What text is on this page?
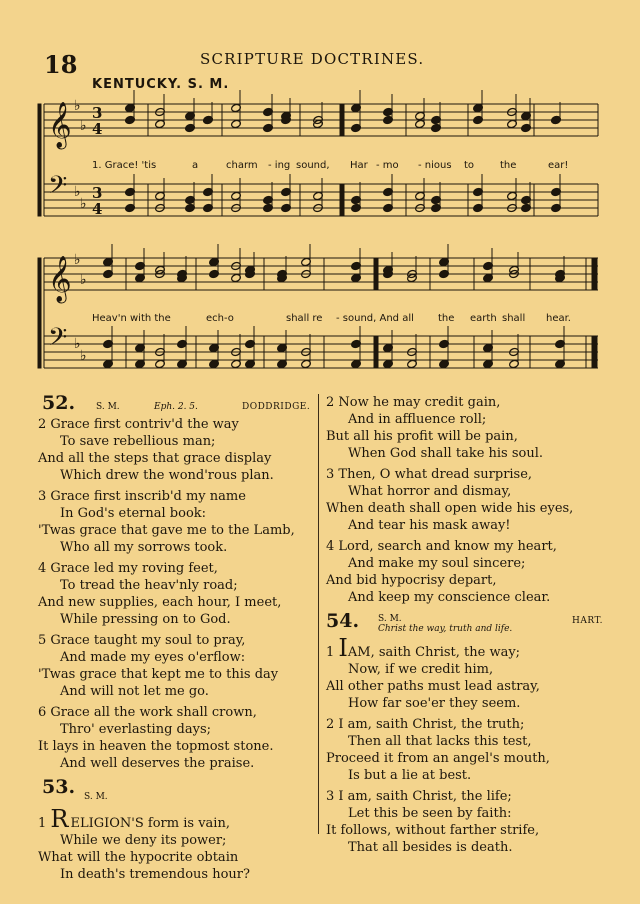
18	SCRIPTURE DOCTRINES.
KENTUCKY. S. M.
𝄞
𝄢
𝄞
𝄢
♭
♭
♭
♭
♭
♭
♭
♭
3
4
3
4
1. Grace! 'tis	a	charm - ing sound, Har - mo - nious to	the	ear!
Heav'n with the	ech-o	shall re - sound, And all the earth shall hear.
52. S. M.	Eph. 2. 5.	DODDRIDGE.
2 Grace first contriv'd the way
To save rebellious man;
And all the steps that grace display
Which drew the wond'rous plan.
3 Grace first inscrib'd my name
In God's eternal book:
'Twas grace that gave me to the Lamb,
Who all my sorrows took.
4 Grace led my roving feet,
To tread the heav'nly road;
And new supplies, each hour, I meet,
While pressing on to God.
5 Grace taught my soul to pray,
And made my eyes o'erflow:
'Twas grace that kept me to this day
And will not let me go.
6 Grace all the work shall crown,
Thro' everlasting days;
It lays in heaven the topmost stone.
And well deserves the praise.
53. S. M.
1 R ELIGION'S form is vain,
While we deny its power;
What will the hypocrite obtain
In death's tremendous hour?
2 Now he may credit gain,
And in affluence roll;
But all his profit will be pain,
When God shall take his soul.
3 Then, O what dread surprise,
What horror and dismay,
When death shall open wide his eyes,
And tear his mask away!
4 Lord, search and know my heart,
And make my soul sincere;
And bid hypocrisy depart,
And keep my conscience clear.
54. S. M.
Christ the way, truth and life.
HART.
1 IAM, saith Christ, the way;
Now, if we credit him,
All other paths must lead astray,
How far soe'er they seem.
2 I am, saith Christ, the truth;
Then all that lacks this test,
Proceed it from an angel's mouth,
Is but a lie at best.
3 I am, saith Christ, the life;
Let this be seen by faith:
It follows, without farther strife,
That all besides is death.
